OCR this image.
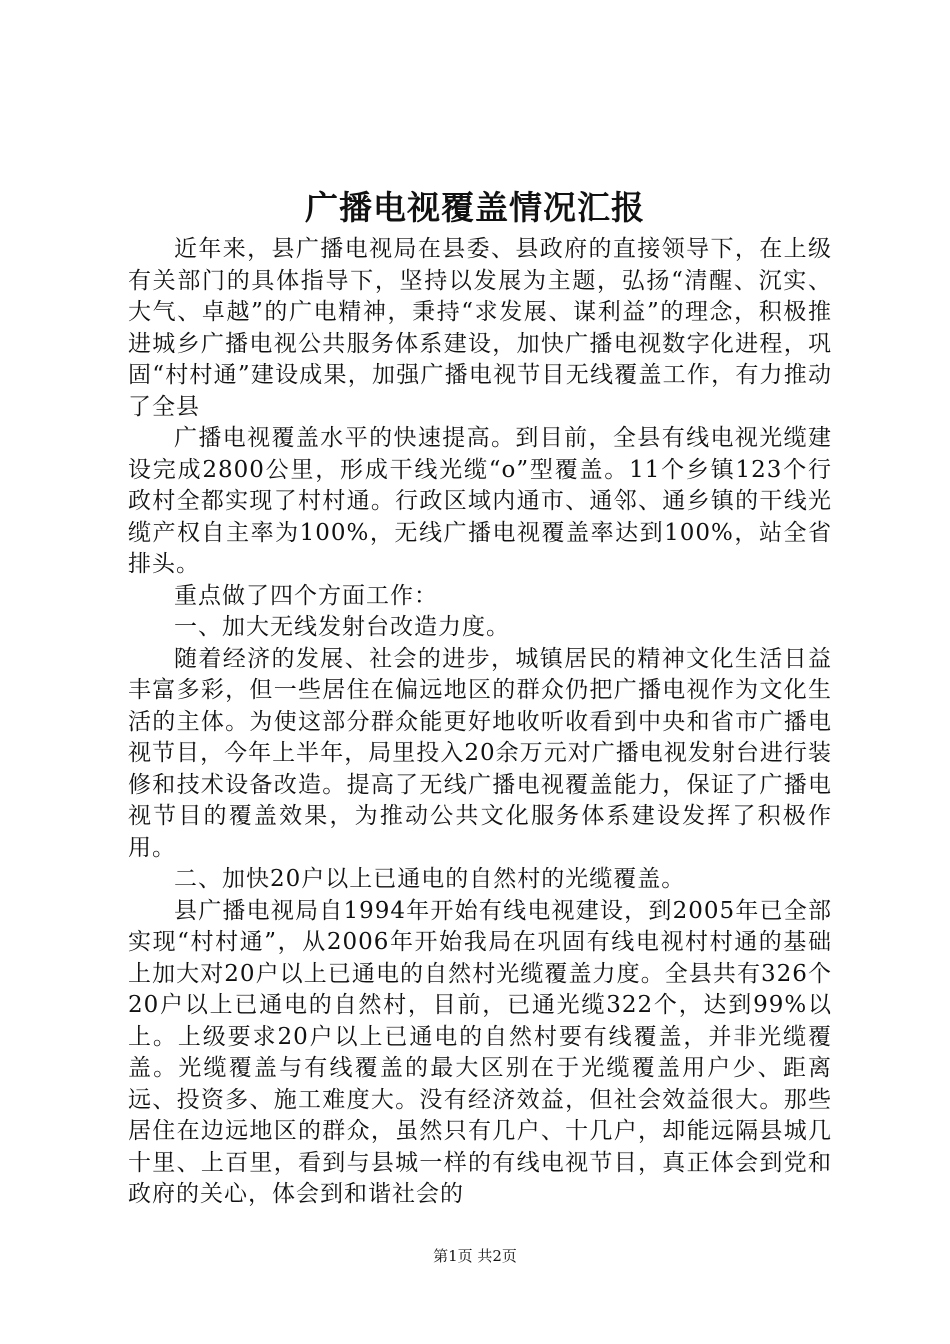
广播电视覆盖情况汇报

近年来，县广播电视局在县委、县政府的直接领导下，在上级有关部门的具体指导下，坚持以发展为主题，弘扬“清醒、沉实、大气、卓越”的广电精神，秉持“求发展、谋利益”的理念，积极推进城乡广播电视公共服务体系建设，加快广播电视数字化进程，巩固“村村通”建设成果，加强广播电视节目无线覆盖工作，有力推动了全县

广播电视覆盖水平的快速提高。到目前，全县有线电视光缆建设完成2800公里，形成干线光缆“o”型覆盖。11个乡镇123个行政村全都实现了村村通。行政区域内通市、通邻、通乡镇的干线光缆产权自主率为100%，无线广播电视覆盖率达到100%，站全省排头。

重点做了四个方面工作：

一、加大无线发射台改造力度。

随着经济的发展、社会的进步，城镇居民的精神文化生活日益丰富多彩，但一些居住在偏远地区的群众仍把广播电视作为文化生活的主体。为使这部分群众能更好地收听收看到中央和省市广播电视节目，今年上半年，局里投入20余万元对广播电视发射台进行装修和技术设备改造。提高了无线广播电视覆盖能力，保证了广播电视节目的覆盖效果，为推动公共文化服务体系建设发挥了积极作用。

二、加快20户以上已通电的自然村的光缆覆盖。

县广播电视局自1994年开始有线电视建设，到2005年已全部实现“村村通”，从2006年开始我局在巩固有线电视村村通的基础上加大对20户以上已通电的自然村光缆覆盖力度。全县共有326个20户以上已通电的自然村，目前，已通光缆322个，达到99%以上。上级要求20户以上已通电的自然村要有线覆盖，并非光缆覆盖。光缆覆盖与有线覆盖的最大区别在于光缆覆盖用户少、距离远、投资多、施工难度大。没有经济效益，但社会效益很大。那些居住在边远地区的群众，虽然只有几户、十几户，却能远隔县城几十里、上百里，看到与县城一样的有线电视节目，真正体会到党和政府的关心，体会到和谐社会的

第1页 共2页
